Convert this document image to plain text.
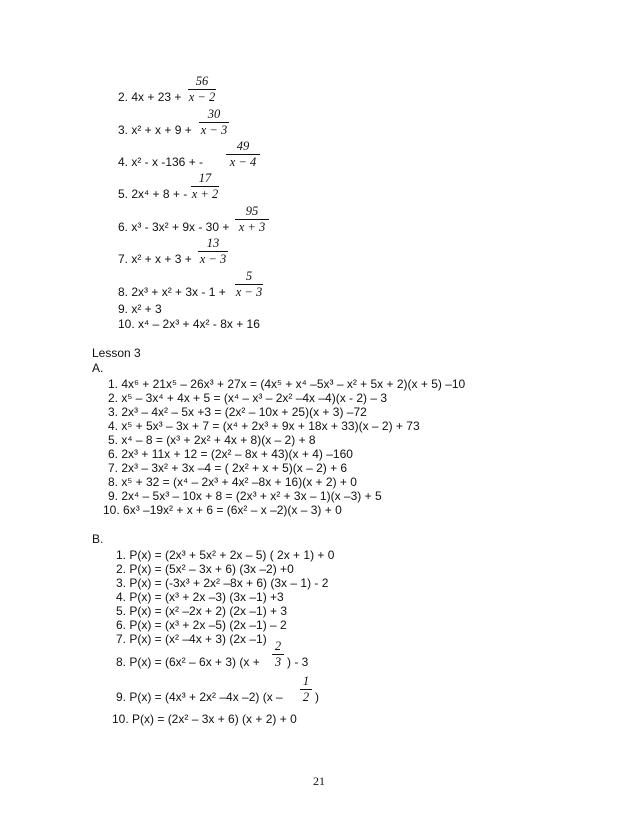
2. 4x + 23 +
56
x − 2
3. x² + x + 9 +
30
x − 3
4. x² - x -136 + -
49
x − 4
5. 2x⁴ + 8 + -
17
x + 2
6. x³ - 3x² + 9x - 30 +
95
x + 3
7. x² + x + 3 +
13
x − 3
8. 2x³ + x² + 3x - 1 +
5
x − 3
9. x² + 3
10. x⁴ – 2x³ + 4x² - 8x + 16
Lesson 3
A.
1. 4x⁶ + 21x⁵ – 26x³ + 27x = (4x⁵ + x⁴ –5x³ – x² + 5x + 2)(x + 5) –10
2. x⁵ – 3x⁴ + 4x + 5 = (x⁴ – x³ – 2x² –4x –4)(x - 2) – 3
3. 2x³ – 4x² – 5x +3 = (2x² – 10x + 25)(x + 3) –72
4. x⁵ + 5x³ – 3x + 7 = (x⁴ + 2x³ + 9x + 18x + 33)(x – 2) + 73
5. x⁴ – 8 = (x³ + 2x² + 4x + 8)(x – 2) + 8
6. 2x³ + 11x + 12 = (2x² – 8x + 43)(x + 4) –160
7. 2x³ – 3x² + 3x –4 = ( 2x² + x + 5)(x – 2) + 6
8. x⁵ + 32 = (x⁴ – 2x³ + 4x² –8x + 16)(x + 2) + 0
9. 2x⁴ – 5x³ – 10x + 8 = (2x³ + x² + 3x – 1)(x –3) + 5
10. 6x³ –19x² + x + 6 = (6x² – x –2)(x – 3) + 0
B.
1. P(x) = (2x³ + 5x² + 2x – 5) ( 2x + 1) + 0
2. P(x) = (5x² – 3x + 6) (3x –2) +0
3. P(x) = (-3x³ + 2x² –8x + 6) (3x – 1) - 2
4. P(x) = (x³ + 2x –3) (3x –1) +3
5. P(x) = (x² –2x + 2) (2x –1) + 3
6. P(x) = (x³ + 2x –5) (2x –1) – 2
7. P(x) = (x² –4x + 3) (2x –1)
8. P(x) = (6x² – 6x + 3) (x +
2
3 ) - 3
9. P(x) = (4x³ + 2x² –4x –2) (x –
1
2 )
10. P(x) = (2x² – 3x + 6) (x + 2) + 0
21
